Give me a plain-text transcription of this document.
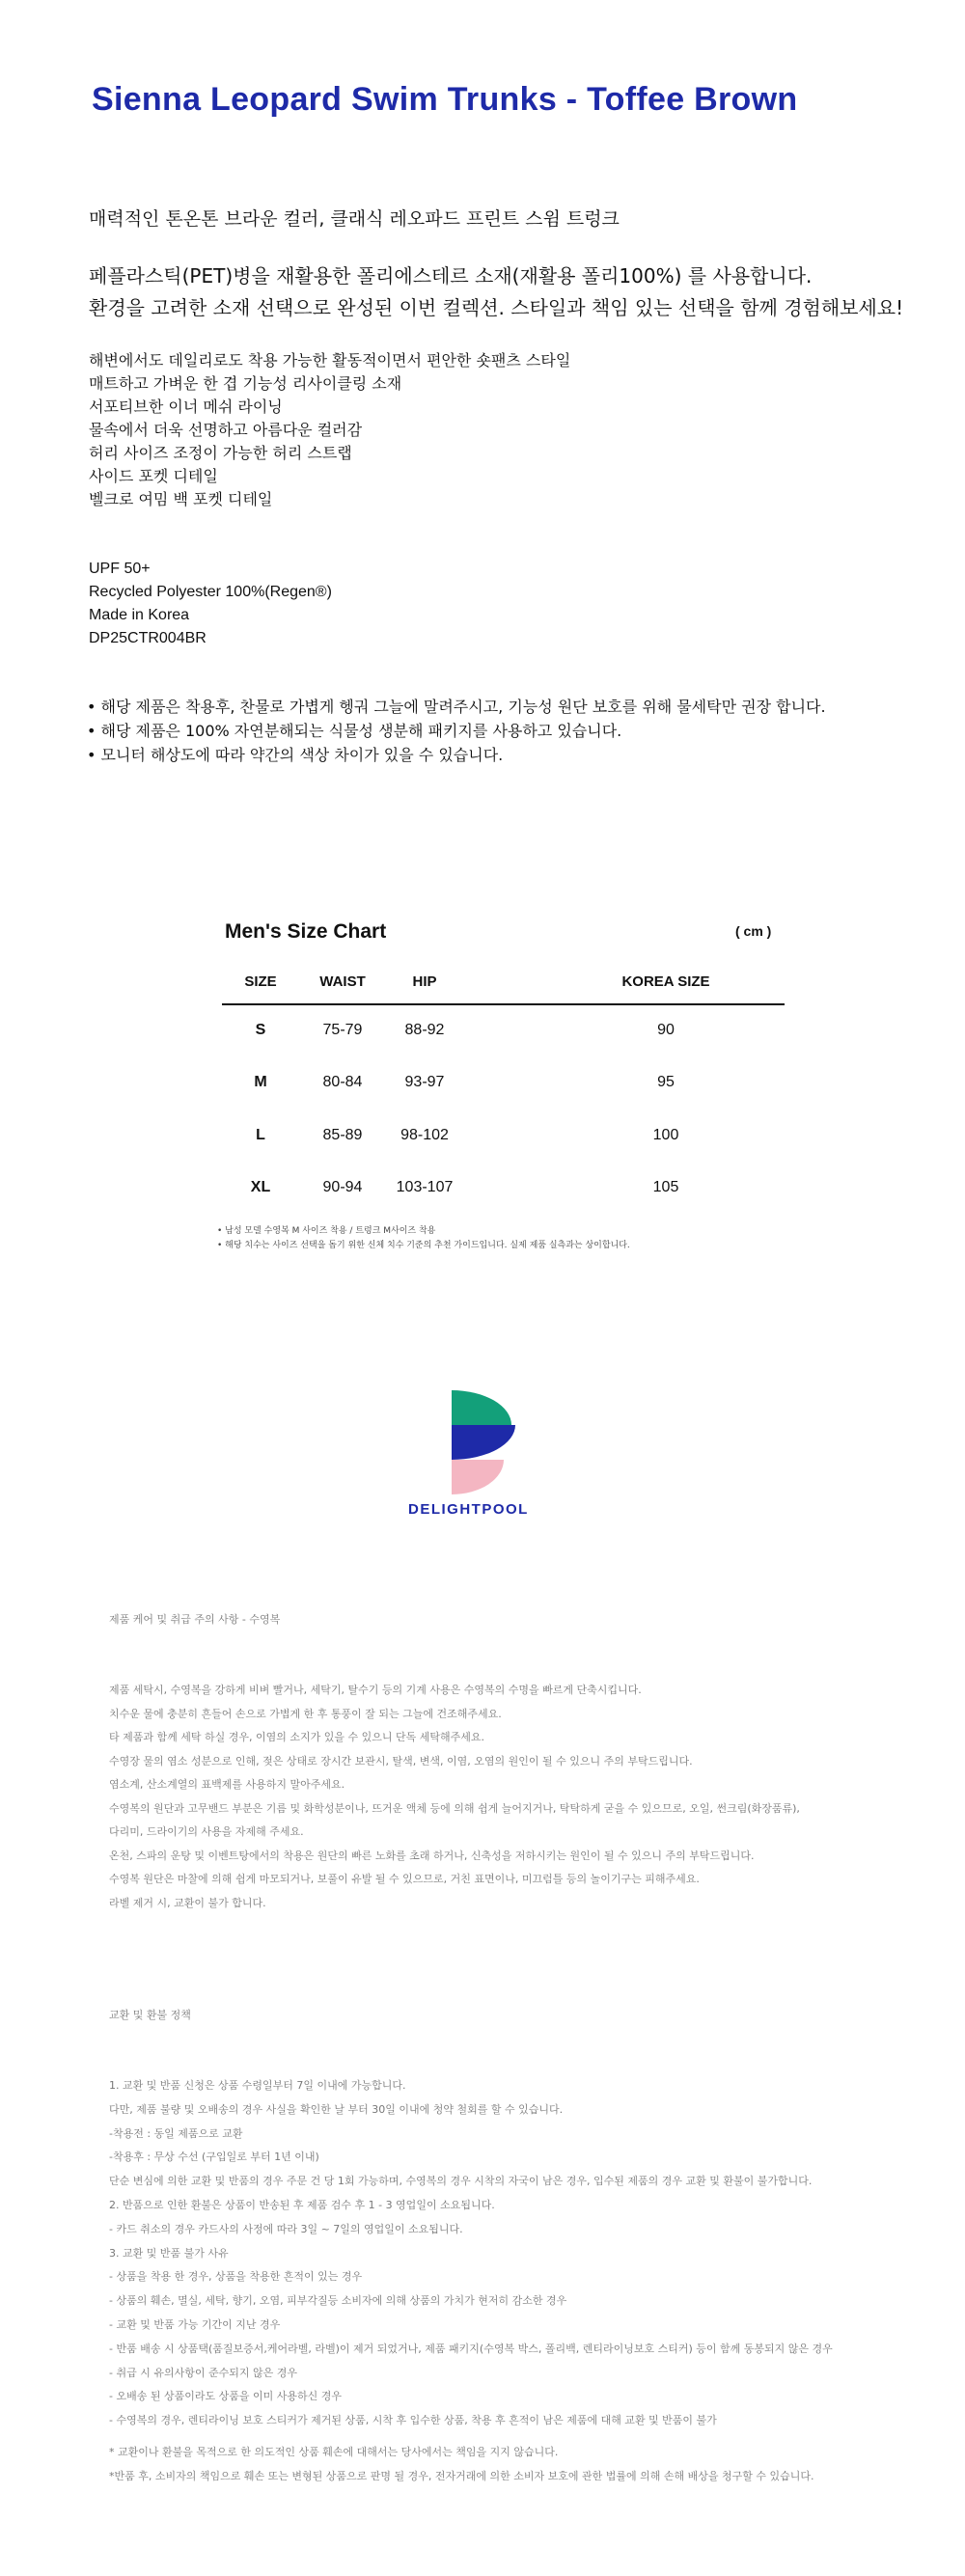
Sienna Leopard Swim Trunks - Toffee Brown
매력적인 톤온톤 브라운 컬러, 클래식 레오파드 프린트 스윔 트렁크
페플라스틱(PET)병을 재활용한 폴리에스테르 소재(재활용 폴리100%) 를 사용합니다.
환경을 고려한 소재 선택으로 완성된 이번 컬렉션. 스타일과 책임 있는 선택을 함께 경험해보세요!
해변에서도 데일리로도 착용 가능한 활동적이면서 편안한 숏팬츠 스타일
매트하고 가벼운 한 겹 기능성 리사이클링 소재
서포티브한 이너 메쉬 라이닝
물속에서 더욱 선명하고 아름다운 컬러감
허리 사이즈 조정이 가능한 허리 스트랩
사이드 포켓 디테일
벨크로 여밈 백 포켓 디테일
UPF 50+
Recycled Polyester 100%(Regen®)
Made in Korea
DP25CTR004BR
• 해당 제품은 착용후, 찬물로 가볍게 헹궈 그늘에 말려주시고, 기능성 원단 보호를 위해 물세탁만 권장 합니다.
• 해당 제품은 100% 자연분해되는 식물성 생분해 패키지를 사용하고 있습니다.
• 모니터 해상도에 따라 약간의 색상 차이가 있을 수 있습니다.
Men's Size Chart	( cm )
SIZE	WAIST	HIP	KOREA SIZE
S	75-79	88-92	90
M	80-84	93-97	95
L	85-89	98-102	100
XL	90-94	103-107	105
• 남성 모델 수영복 M 사이즈 착용 / 트렁크 M사이즈 착용
• 해당 치수는 사이즈 선택을 돕기 위한 신체 치수 기준의 추천 가이드입니다. 실제 제품 실측과는 상이합니다.
DELIGHTPOOL
제품 케어 및 취급 주의 사항 - 수영복
제품 세탁시, 수영복을 강하게 비벼 빨거나, 세탁기, 탈수기 등의 기계 사용은 수영복의 수명을 빠르게 단축시킵니다.
치수운 물에 충분히 흔들어 손으로 가볍게 한 후 통풍이 잘 되는 그늘에 건조해주세요.
타 제품과 함께 세탁 하실 경우, 이염의 소지가 있을 수 있으니 단독 세탁해주세요.
수영장 물의 염소 성분으로 인해, 젖은 상태로 장시간 보관시, 탈색, 변색, 이염, 오염의 원인이 될 수 있으니 주의 부탁드립니다.
염소계, 산소계열의 표백제를 사용하지 말아주세요.
수영복의 원단과 고무밴드 부분은 기름 및 화학성분이나, 뜨거운 액체 등에 의해 쉽게 늘어지거나, 탁탁하게 굳을 수 있으므로, 오일, 썬크림(화장품류),
다리미, 드라이기의 사용을 자제해 주세요.
온천, 스파의 운탕 및 이벤트탕에서의 착용은 원단의 빠른 노화를 초래 하거나, 신축성을 저하시키는 원인이 될 수 있으니 주의 부탁드립니다.
수영복 원단은 마찰에 의해 쉽게 마모되거나, 보풀이 유발 될 수 있으므로, 거친 표면이나, 미끄럼틀 등의 놀이기구는 피해주세요.
라벨 제거 시, 교환이 불가 합니다.
교환 및 환불 정책
1. 교환 및 반품 신청은 상품 수령일부터 7일 이내에 가능합니다.
다만, 제품 불량 및 오배송의 경우 사실을 확인한 날 부터 30일 이내에 청약 철회를 할 수 있습니다.
-착용전 : 동일 제품으로 교환
-착용후 : 무상 수선 (구입일로 부터 1년 이내)
단순 변심에 의한 교환 및 반품의 경우 주문 건 당 1회 가능하며, 수영복의 경우 시착의 자국이 남은 경우, 입수된 제품의 경우 교환 및 환불이 불가합니다.
2. 반품으로 인한 환불은 상품이 반송된 후 제품 검수 후 1 - 3 영업일이 소요됩니다.
- 카드 취소의 경우 카드사의 사정에 따라 3일 ~ 7일의 영업일이 소요됩니다.
3. 교환 및 반품 불가 사유
- 상품을 착용 한 경우, 상품을 착용한 흔적이 있는 경우
- 상품의 훼손, 멸실, 세탁, 향기, 오염, 피부각질등 소비자에 의해 상품의 가치가 현저히 감소한 경우
- 교환 및 반품 가능 기간이 지난 경우
- 반품 배송 시 상품택(품질보증서,케어라벨, 라벨)이 제거 되었거나, 제품 패키지(수영복 박스, 폴리백, 렌티라이닝보호 스티커) 등이 함께 동봉되지 않은 경우
- 취급 시 유의사항이 준수되지 않은 경우
- 오배송 된 상품이라도 상품을 이미 사용하신 경우
- 수영복의 경우, 렌티라이닝 보호 스티커가 제거된 상품, 시착 후 입수한 상품, 착용 후 흔적이 남은 제품에 대해 교환 및 반품이 불가
* 교환이나 환불을 목적으로 한 의도적인 상품 훼손에 대해서는 당사에서는 책임을 지지 않습니다.
*반품 후, 소비자의 책임으로 훼손 또는 변형된 상품으로 판명 될 경우, 전자거래에 의한 소비자 보호에 관한 법률에 의해 손해 배상을 청구할 수 있습니다.
